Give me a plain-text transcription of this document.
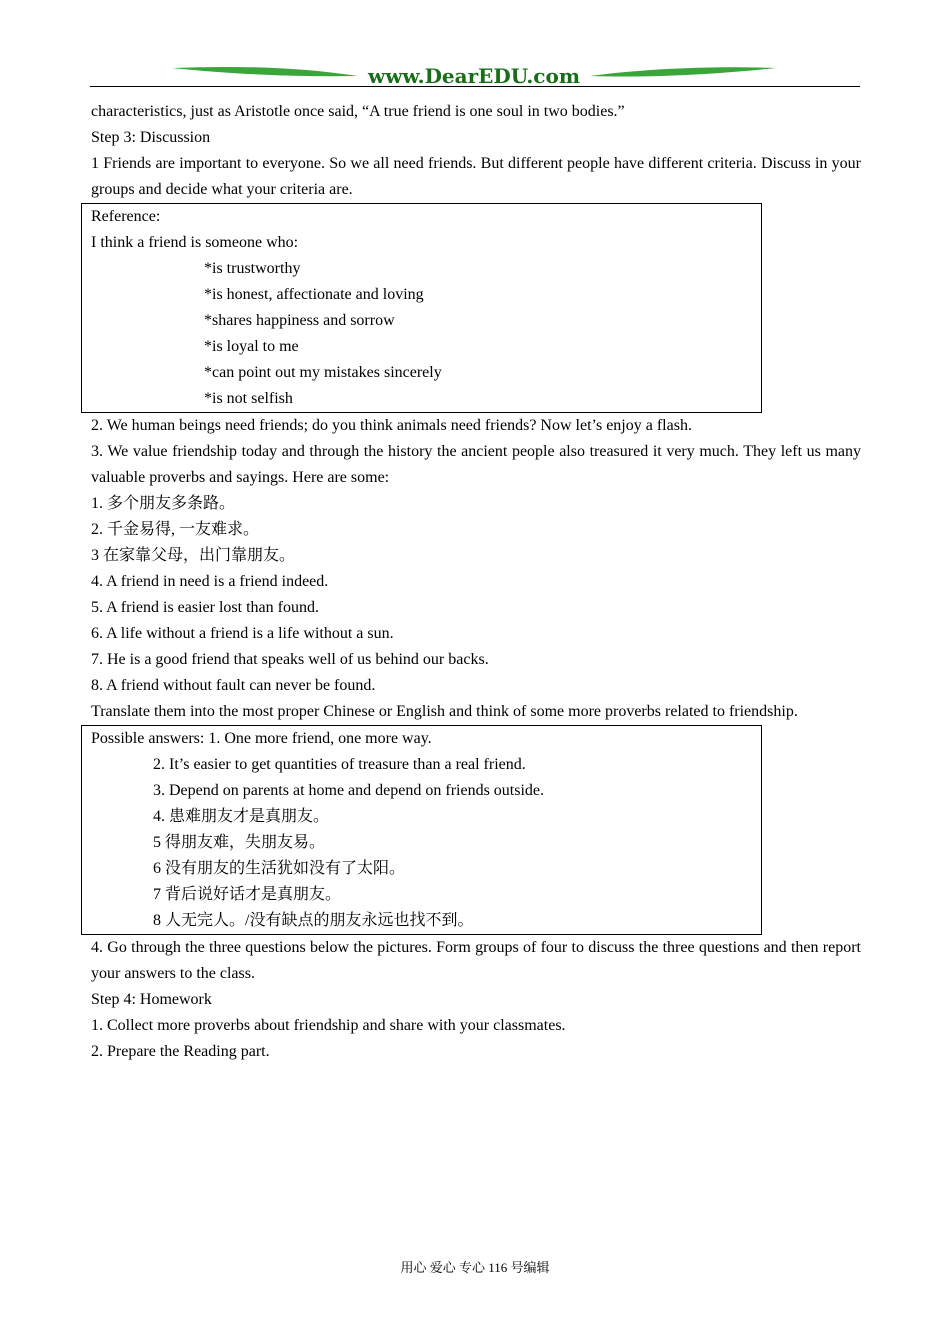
www.DearEDU.com
characteristics, just as Aristotle once said, “A true friend is one soul in two bodies.”
Step 3: Discussion
1 Friends are important to everyone. So we all need friends. But different people have different criteria. Discuss in your groups and decide what your criteria are.
Reference:
I think a friend is someone who:
*is trustworthy
*is honest, affectionate and loving
*shares happiness and sorrow
*is loyal to me
*can point out my mistakes sincerely
*is not selfish
2. We human beings need friends; do you think animals need friends? Now let’s enjoy a flash.
3. We value friendship today and through the history the ancient people also treasured it very much. They left us many valuable proverbs and sayings. Here are some:
1. 多个朋友多条路。
2. 千金易得, 一友难求。
3 在家靠父母，出门靠朋友。
4. A friend in need is a friend indeed.
5. A friend is easier lost than found.
6. A life without a friend is a life without a sun.
7. He is a good friend that speaks well of us behind our backs.
8. A friend without fault can never be found.
Translate them into the most proper Chinese or English and think of some more proverbs related to friendship.
Possible answers: 1. One more friend, one more way.
2. It’s easier to get quantities of treasure than a real friend.
3. Depend on parents at home and depend on friends outside.
4. 患难朋友才是真朋友。
5 得朋友难，失朋友易。
6 没有朋友的生活犹如没有了太阳。
7 背后说好话才是真朋友。
8 人无完人。/没有缺点的朋友永远也找不到。
4. Go through the three questions below the pictures. Form groups of four to discuss the three questions and then report your answers to the class.
Step 4: Homework
1. Collect more proverbs about friendship and share with your classmates.
2. Prepare the Reading part.
用心 爱心 专心 116 号编辑
